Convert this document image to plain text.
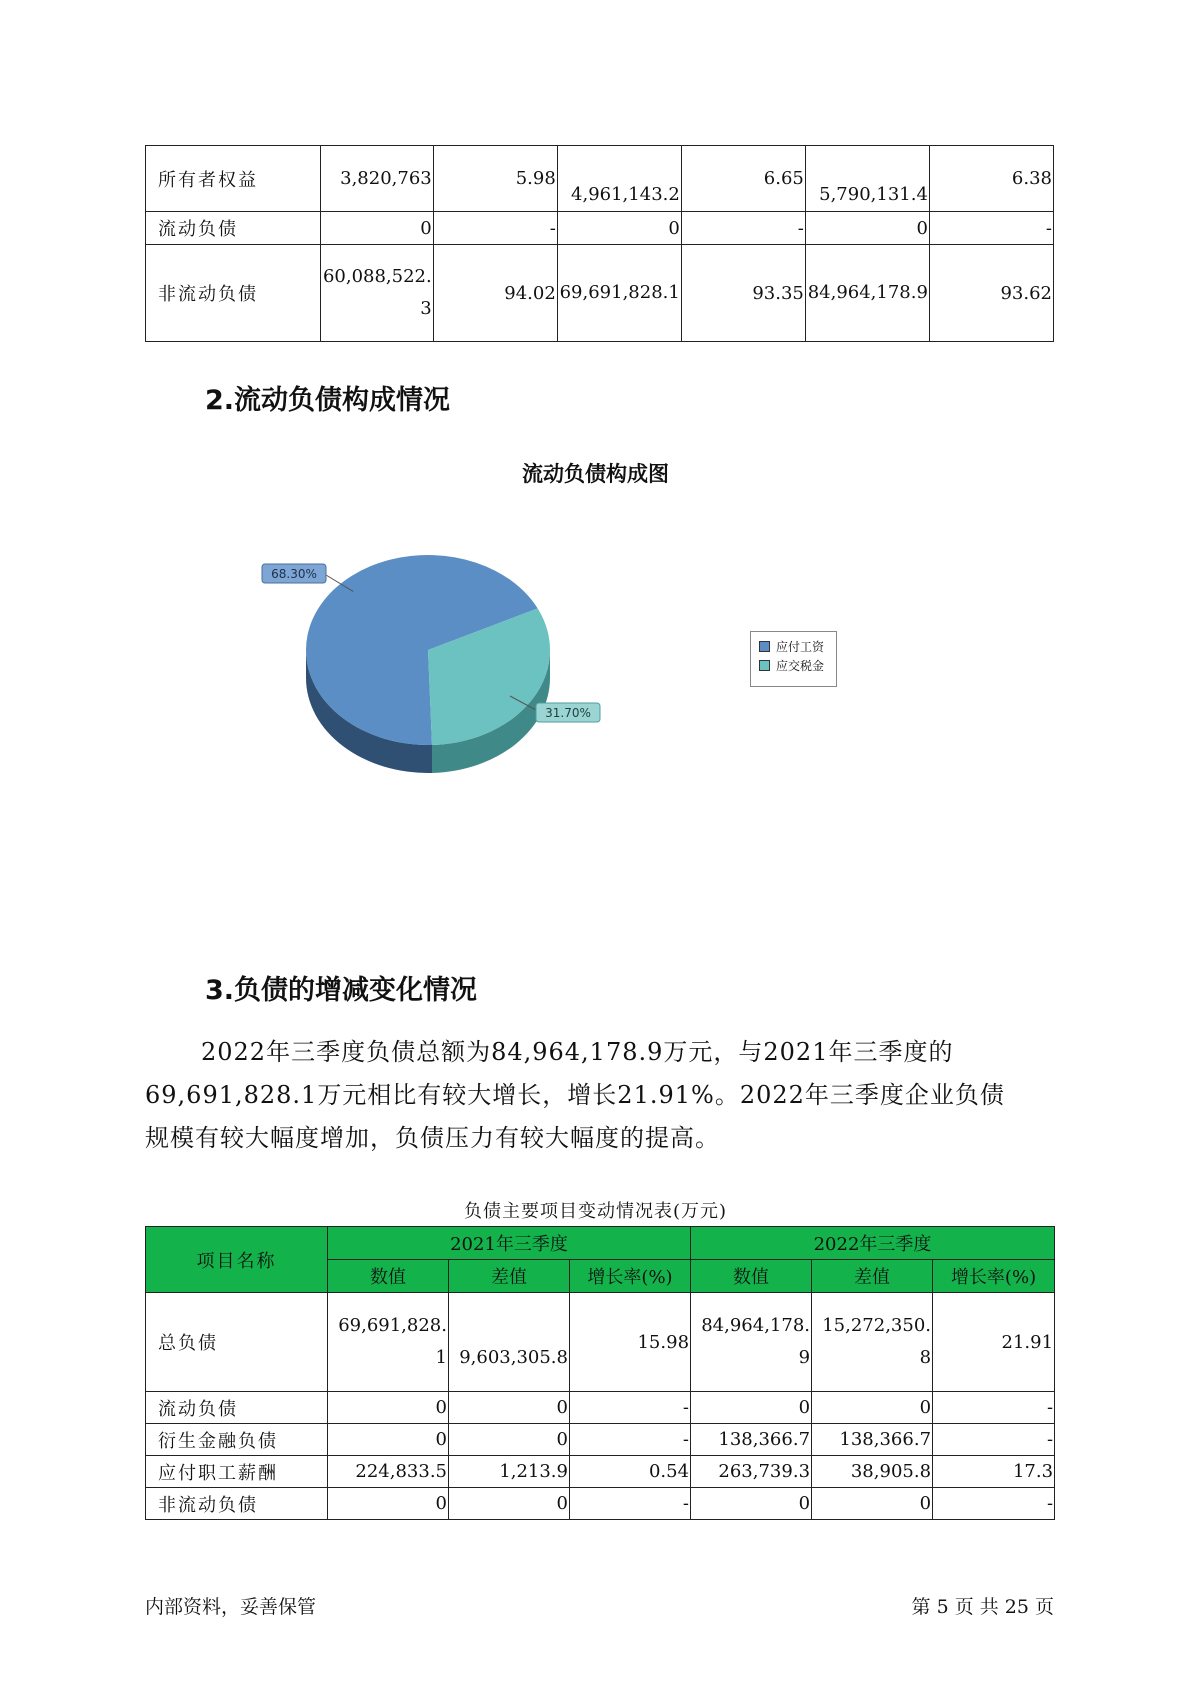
所有者权益	3,820,763	5.98	4,961,143.2	6.65	5,790,131.4	6.38
流动负债	0	-	0	-	0	-
非流动负债	60,088,522.3	94.02	69,691,828.1	93.35	84,964,178.9	93.62
2.流动负债构成情况
流动负债构成图
68.30%
31.70%
应付工资
应交税金
3.负债的增减变化情况

2022年三季度负债总额为84,964,178.9万元，与2021年三季度的

69,691,828.1万元相比有较大增长，增长21.91%。2022年三季度企业负债

规模有较大幅度增加，负债压力有较大幅度的提高。

负债主要项目变动情况表(万元)
项目名称	2021年三季度			2022年三季度		
	数值	差值	增长率(%)	数值	差值	增长率(%)
总负债	69,691,828.1	9,603,305.8	15.98	84,964,178.9	15,272,350.8	21.91
流动负债	0	0	-	0	0	-
衍生金融负债	0	0	-	138,366.7	138,366.7	-
应付职工薪酬	224,833.5	1,213.9	0.54	263,739.3	38,905.8	17.3
非流动负债	0	0	-	0	0	-
内部资料，妥善保管	第 5 页 共 25 页
